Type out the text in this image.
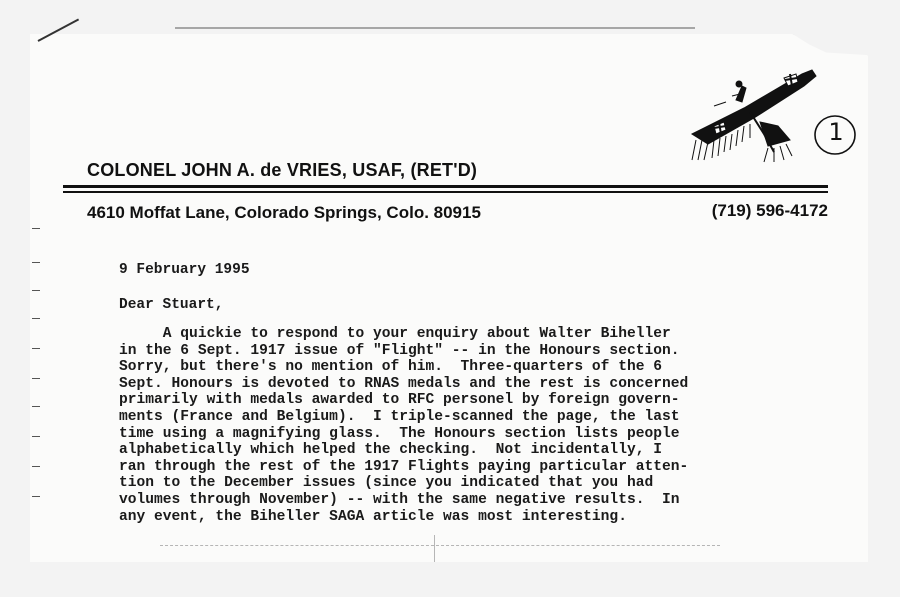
1
COLONEL JOHN A. de VRIES, USAF, (RET'D)
4610 Moffat Lane, Colorado Springs, Colo. 80915	(719) 596-4172
9 February 1995
Dear Stuart,
A quickie to respond to your enquiry about Walter Biheller
in the 6 Sept. 1917 issue of "Flight" -- in the Honours section.
Sorry, but there's no mention of him.  Three-quarters of the 6
Sept. Honours is devoted to RNAS medals and the rest is concerned
primarily with medals awarded to RFC personel by foreign govern-
ments (France and Belgium).  I triple-scanned the page, the last
time using a magnifying glass.  The Honours section lists people
alphabetically which helped the checking.  Not incidentally, I
ran through the rest of the 1917 Flights paying particular atten-
tion to the December issues (since you indicated that you had
volumes through November) -- with the same negative results.  In
any event, the Biheller SAGA article was most interesting.
